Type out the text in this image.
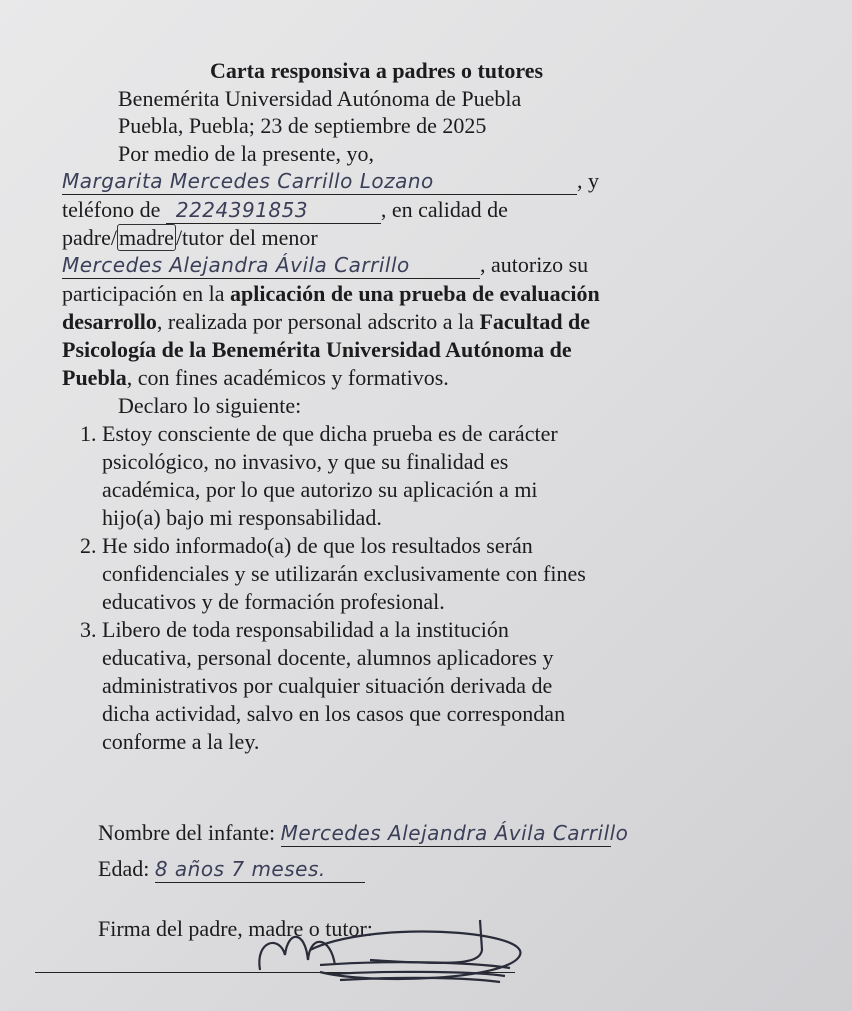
Carta responsiva a padres o tutores
Benemérita Universidad Autónoma de Puebla
Puebla, Puebla; 23 de septiembre de 2025
Por medio de la presente, yo,
Margarita Mercedes Carrillo Lozano	, y
teléfono de 2224391853	, en calidad de
padre/madre/tutor del menor
Mercedes Alejandra Ávila Carrillo	, autorizo su
participación en la aplicación de una prueba de evaluación
desarrollo, realizada por personal adscrito a la Facultad de
Psicología de la Benemérita Universidad Autónoma de
Puebla, con fines académicos y formativos.
Declaro lo siguiente:
1. Estoy consciente de que dicha prueba es de carácter
psicológico, no invasivo, y que su finalidad es
académica, por lo que autorizo su aplicación a mi
hijo(a) bajo mi responsabilidad.
2. He sido informado(a) de que los resultados serán
confidenciales y se utilizarán exclusivamente con fines
educativos y de formación profesional.
3. Libero de toda responsabilidad a la institución
educativa, personal docente, alumnos aplicadores y
administrativos por cualquier situación derivada de
dicha actividad, salvo en los casos que correspondan
conforme a la ley.
Nombre del infante: Mercedes Alejandra Ávila Carrillo
Edad: 8 años 7 meses.
Firma del padre, madre o tutor:
